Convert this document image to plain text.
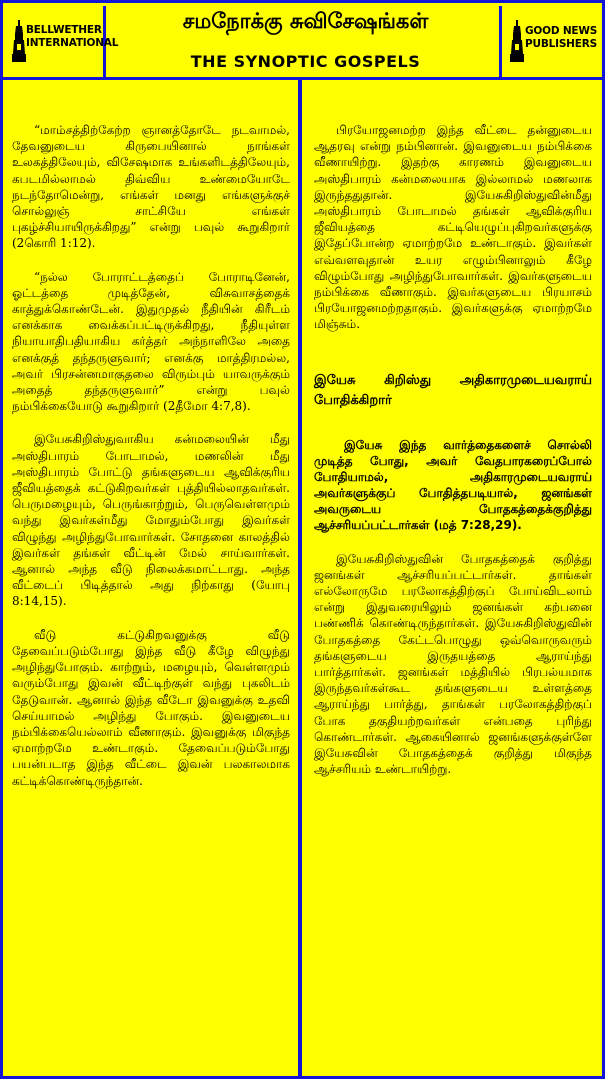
BELLWETHER
INTERNATIONAL
சமநோக்கு சுவிசேஷங்கள்
THE SYNOPTIC GOSPELS
GOOD NEWS
PUBLISHERS

“மாம்சத்திற்கேற்ற ஞானத்தோடே நடவாமல், தேவனுடைய கிருபையினால் நாங்கள் உலகத்திலேயும், விசேஷமாக உங்களிடத்திலேயும், கபடமில்லாமல் திவ்விய உண்மையோடே நடந்தோமென்று, எங்கள் மனது எங்களுக்குச் சொல்லுஞ் சாட்சியே எங்கள் புகழ்ச்சியாயிருக்கிறது” என்று பவுல் கூறுகிறார் (2கொரி 1:12).

“நல்ல போராட்டத்தைப் போராடினேன், ஓட்டத்தை முடித்தேன், விசுவாசத்தைக் காத்துக்கொண்டேன். இதுமுதல் நீதியின் கிரீடம் எனக்காக வைக்கப்பட்டிருக்கிறது, நீதியுள்ள நியாயாதிபதியாகிய கர்த்தர் அந்நாளிலே அதை எனக்குத் தந்தருளுவார்; எனக்கு மாத்திரமல்ல, அவர் பிரசன்னமாகுதலை விரும்பும் யாவருக்கும் அதைத் தந்தருளுவார்” என்று பவுல் நம்பிக்கையோடு கூறுகிறார் (2தீமோ 4:7,8).

இயேசுகிறிஸ்துவாகிய கன்மலையின் மீது அஸ்திபாரம் போடாமல், மணலின் மீது அஸ்திபாரம் போட்டு தங்களுடைய ஆவிக்குரிய ஜீவியத்தைக் கட்டுகிறவர்கள் புத்தியில்லாதவர்கள். பெருமழையும், பெருங்காற்றும், பெருவெள்ளமும் வந்து இவர்கள்மீது மோதும்போது இவர்கள் விழுந்து அழிந்துபோவார்கள். சோதனை காலத்தில் இவர்கள் தங்கள் வீட்டின் மேல் சாய்வார்கள். ஆனால் அந்த வீடு நிலைக்கமாட்டாது. அந்த வீட்டைப் பிடித்தால் அது நிற்காது (யோபு 8:14,15).

வீடு கட்டுகிறவனுக்கு வீடு தேவைப்படும்போது இந்த வீடு கீழே விழுந்து அழிந்துபோகும். காற்றும், மழையும், வெள்ளமும் வரும்போது இவன் வீட்டிற்குள் வந்து புகலிடம் தேடுவான். ஆனால் இந்த வீடோ இவனுக்கு உதவி செய்யாமல் அழிந்து போகும். இவனுடைய நம்பிக்கையெல்லாம் வீணாகும். இவனுக்கு மிகுந்த ஏமாற்றமே உண்டாகும். தேவைப்படும்போது பயன்படாத இந்த வீட்டை இவன் பலகாலமாக கட்டிக்கொண்டிருந்தான்.

பிரயோஜனமற்ற இந்த வீட்டை தன்னுடைய ஆதரவு என்று நம்பினான். இவனுடைய நம்பிக்கை வீணாயிற்று. இதற்கு காரணம் இவனுடைய அஸ்திபாரம் கன்மலையாக இல்லாமல் மணலாக இருந்ததுதான். இயேசுகிறிஸ்துவின்மீது அஸ்திபாரம் போடாமல் தங்கள் ஆவிக்குரிய ஜீவியத்தை கட்டியெழுப்புகிறவர்களுக்கு இதேப்போன்ற ஏமாற்றமே உண்டாகும். இவர்கள் எவ்வளவுதான் உயர எழும்பினாலும் கீழே விழும்போது அழிந்துபோவார்கள். இவர்களுடைய நம்பிக்கை வீணாகும். இவர்களுடைய பிரயாசம் பிரயோஜனமற்றதாகும். இவர்களுக்கு ஏமாற்றமே மிஞ்சும்.

இயேசு கிறிஸ்து அதிகாரமுடையவராய் போதிக்கிறார்

இயேசு இந்த வார்த்தைகளைச் சொல்லி முடித்த போது, அவர் வேதபாரகரைப்போல் போதியாமல், அதிகாரமுடையவராய் அவர்களுக்குப் போதித்தபடியால், ஜனங்கள் அவருடைய போதகத்தைக்குறித்து ஆச்சரியப்பட்டார்கள் (மத் 7:28,29).

இயேசுகிறிஸ்துவின் போதகத்தைக் குறித்து ஜனங்கள் ஆச்சரியப்பட்டார்கள். தாங்கள் எல்லோருமே பரலோகத்திற்குப் போய்விடலாம் என்று இதுவரையிலும் ஜனங்கள் கற்பனை பண்ணிக் கொண்டிருந்தார்கள். இயேசுகிறிஸ்துவின் போதகத்தை கேட்டபொழுது ஒவ்வொருவரும் தங்களுடைய இருதயத்தை ஆராய்ந்து பார்த்தார்கள். ஜனங்கள் மத்தியில் பிரபல்யமாக இருந்தவர்கள்கூட தங்களுடைய உள்ளத்தை ஆராய்ந்து பார்த்து, தாங்கள் பரலோகத்திற்குப் போக தகுதியற்றவர்கள் என்பதை புரிந்து கொண்டார்கள். ஆகையினால் ஜனங்களுக்குள்ளே இயேசுவின் போதகத்தைக் குறித்து மிகுந்த ஆச்சரியம் உண்டாயிற்று.
